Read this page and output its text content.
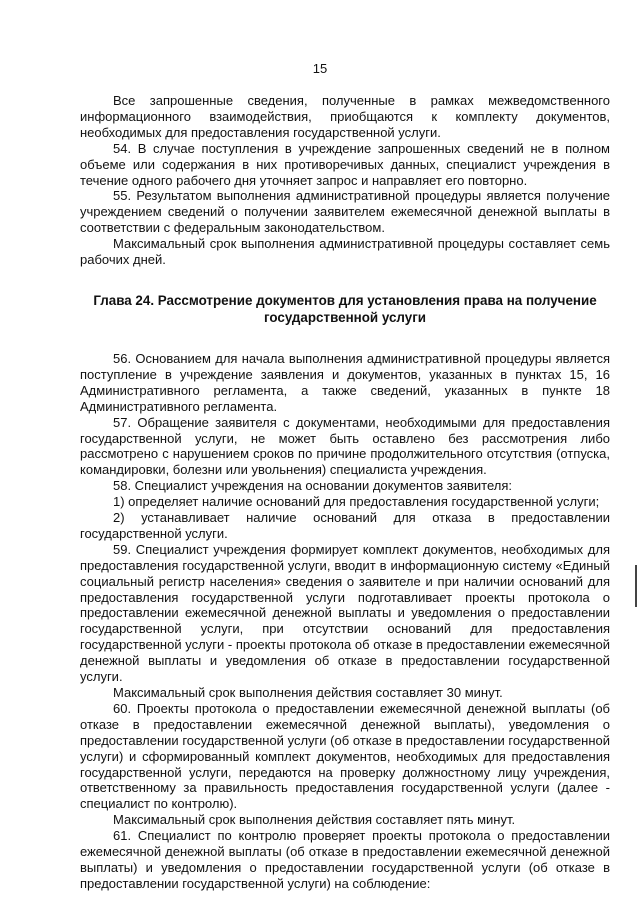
15

Все запрошенные сведения, полученные в рамках межведомственного информационного взаимодействия, приобщаются к комплекту документов, необходимых для предоставления государственной услуги.

54. В случае поступления в учреждение запрошенных сведений не в полном объеме или содержания в них противоречивых данных, специалист учреждения в течение одного рабочего дня уточняет запрос и направляет его повторно.

55. Результатом выполнения административной процедуры является получение учреждением сведений о получении заявителем ежемесячной денежной выплаты в соответствии с федеральным законодательством.

Максимальный срок выполнения административной процедуры составляет семь рабочих дней.

Глава 24. Рассмотрение документов для установления права на получение государственной услуги

56. Основанием для начала выполнения административной процедуры является поступление в учреждение заявления и документов, указанных в пунктах 15, 16 Административного регламента, а также сведений, указанных в пункте 18 Административного регламента.

57. Обращение заявителя с документами, необходимыми для предоставления государственной услуги, не может быть оставлено без рассмотрения либо рассмотрено с нарушением сроков по причине продолжительного отсутствия (отпуска, командировки, болезни или увольнения) специалиста учреждения.

58. Специалист учреждения на основании документов заявителя:

1) определяет наличие оснований для предоставления государственной услуги;

2) устанавливает наличие оснований для отказа в предоставлении государственной услуги.

59. Специалист учреждения формирует комплект документов, необходимых для предоставления государственной услуги, вводит в информационную систему «Единый социальный регистр населения» сведения о заявителе и при наличии оснований для предоставления государственной услуги подготавливает проекты протокола о предоставлении ежемесячной денежной выплаты и уведомления о предоставлении государственной услуги, при отсутствии оснований для предоставления государственной услуги - проекты протокола об отказе в предоставлении ежемесячной денежной выплаты и уведомления об отказе в предоставлении государственной услуги.

Максимальный срок выполнения действия составляет 30 минут.

60. Проекты протокола о предоставлении ежемесячной денежной выплаты (об отказе в предоставлении ежемесячной денежной выплаты), уведомления о предоставлении государственной услуги (об отказе в предоставлении государственной услуги) и сформированный комплект документов, необходимых для предоставления государственной услуги, передаются на проверку должностному лицу учреждения, ответственному за правильность предоставления государственной услуги (далее - специалист по контролю).

Максимальный срок выполнения действия составляет пять минут.

61. Специалист по контролю проверяет проекты протокола о предоставлении ежемесячной денежной выплаты (об отказе в предоставлении ежемесячной денежной выплаты) и уведомления о предоставлении государственной услуги (об отказе в предоставлении государственной услуги) на соблюдение:
